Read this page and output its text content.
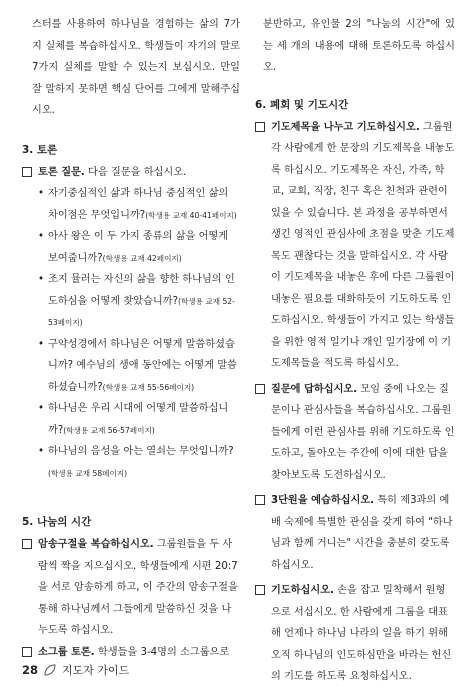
스터를 사용하여 하나님을 경험하는 삶의 7가지 실체를 복습하십시오. 학생들이 자기의 말로 7가지 실체를 말할 수 있는지 보십시오. 만일 잘 말하지 못하면 핵심 단어를 그에게 말해주십시오.

3. 토론

토론 질문. 다음 질문을 하십시오.
• 자기중심적인 삶과 하나님 중심적인 삶의 차이점은 무엇입니까?(학생용 교재 40-41페이지)
• 아사 왕은 이 두 가지 종류의 삶을 어떻게 보여줍니까?(학생용 교재 42페이지)
• 조지 뮬러는 자신의 삶을 향한 하나님의 인도하심을 어떻게 찾았습니까?(학생용 교재 52-53페이지)
• 구약성경에서 하나님은 어떻게 말씀하셨습니까? 예수님의 생애 동안에는 어떻게 말씀하셨습니까?(학생용 교재 55-56페이지)
• 하나님은 우리 시대에 어떻게 말씀하십니까?(학생용 교재 56-57페이지)
• 하나님의 음성을 아는 열쇠는 무엇입니까?(학생용 교재 58페이지)

5. 나눔의 시간

암송구절을 복습하십시오. 그룹원들을 두 사람씩 짝을 지으십시오. 학생들에게 시편 20:7을 서로 암송하게 하고, 이 주간의 암송구절을 통해 하나님께서 그들에게 말씀하신 것을 나누도록 하십시오.
소그룹 토론. 학생들을 3-4명의 소그룹으로

분반하고, 유인물 2의 "나눔의 시간"에 있는 세 개의 내용에 대해 토론하도록 하십시오.

6. 폐회 및 기도시간

기도제목을 나누고 기도하십시오. 그룹원 각 사람에게 한 문장의 기도제목을 내놓도록 하십시오. 기도제목은 자신, 가족, 학교, 교회, 직장, 친구 혹은 친척과 관련이 있을 수 있습니다. 본 과정을 공부하면서 생긴 영적인 관심사에 초점을 맞춘 기도제목도 괜찮다는 것을 말하십시오. 각 사람이 기도제목을 내놓은 후에 다른 그룹원이 내놓은 필요를 대화하듯이 기도하도록 인도하십시오. 학생들이 가지고 있는 학생들을 위한 영적 일기나 개인 일기장에 이 기도제목들을 적도록 하십시오.
질문에 답하십시오. 모임 중에 나오는 질문이나 관심사들을 복습하십시오. 그룹원들에게 이런 관심사를 위해 기도하도록 인도하고, 돌아오는 주간에 이에 대한 답을 찾아보도록 도전하십시오.
3단원을 예습하십시오. 특히 제3과의 예배 숙제에 특별한 관심을 갖게 하여 "하나님과 함께 거니는" 시간을 충분히 갖도록 하십시오.
기도하십시오. 손을 잡고 밀착해서 원형으로 서십시오. 한 사람에게 그룹을 대표해 언제나 하나님 나라의 일을 하기 위해 오직 하나님의 인도하심만을 바라는 헌신의 기도를 하도록 요청하십시오.
28 지도자 가이드
